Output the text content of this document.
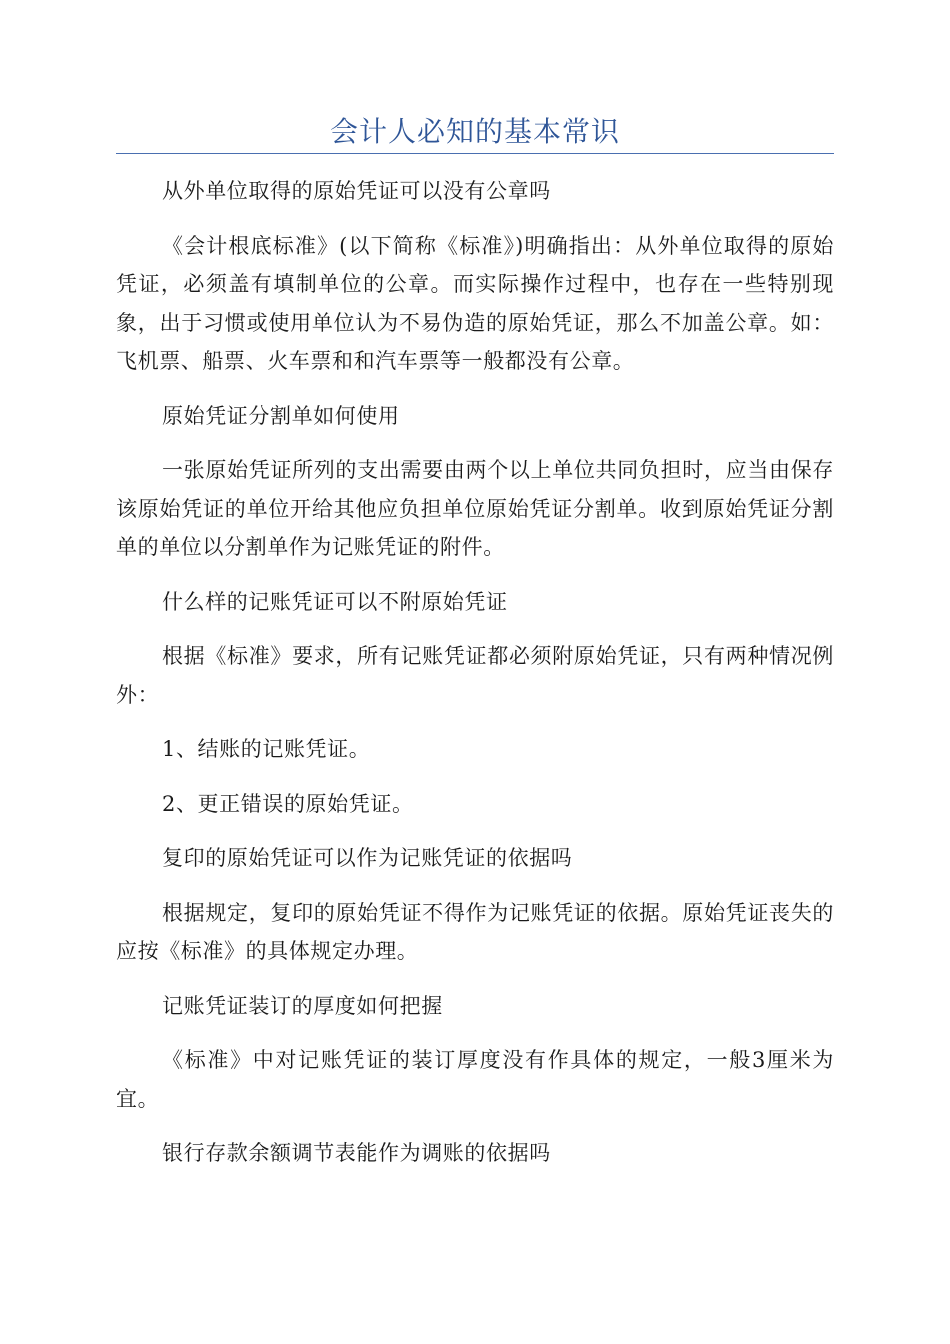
会计人必知的基本常识

从外单位取得的原始凭证可以没有公章吗

《会计根底标准》(以下简称《标准》)明确指出：从外单位取得的原始凭证，必须盖有填制单位的公章。而实际操作过程中，也存在一些特别现象，出于习惯或使用单位认为不易伪造的原始凭证，那么不加盖公章。如：飞机票、船票、火车票和和汽车票等一般都没有公章。

原始凭证分割单如何使用

一张原始凭证所列的支出需要由两个以上单位共同负担时，应当由保存该原始凭证的单位开给其他应负担单位原始凭证分割单。收到原始凭证分割单的单位以分割单作为记账凭证的附件。

什么样的记账凭证可以不附原始凭证

根据《标准》要求，所有记账凭证都必须附原始凭证，只有两种情况例外：

1、结账的记账凭证。

2、更正错误的原始凭证。

复印的原始凭证可以作为记账凭证的依据吗

根据规定，复印的原始凭证不得作为记账凭证的依据。原始凭证丧失的应按《标准》的具体规定办理。

记账凭证装订的厚度如何把握

《标准》中对记账凭证的装订厚度没有作具体的规定，一般3厘米为宜。

银行存款余额调节表能作为调账的依据吗
